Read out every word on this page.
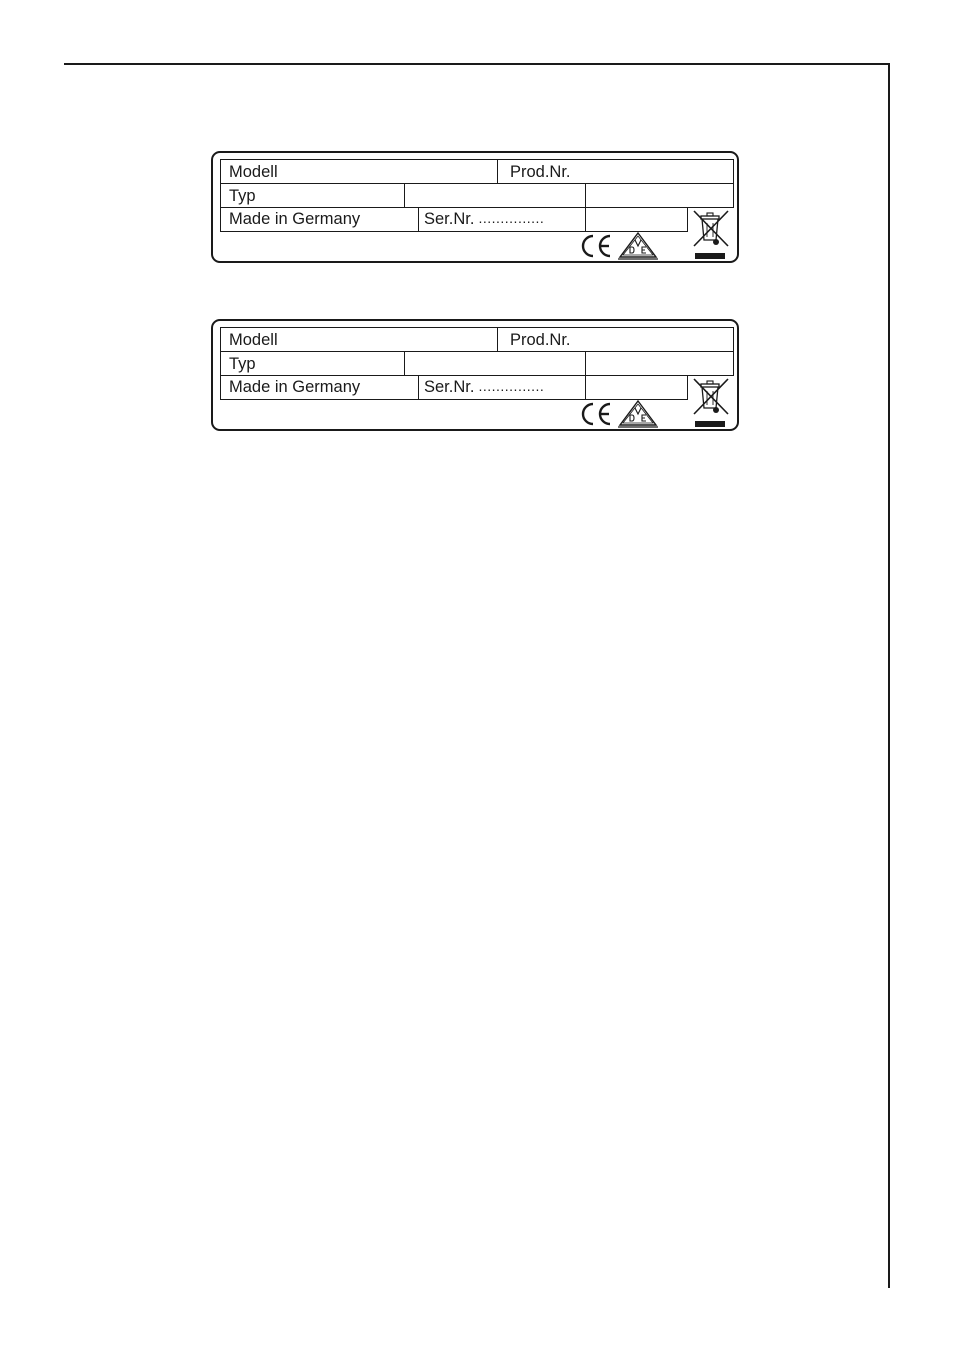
Modell	Prod.Nr.
Typ
Made in Germany	Ser.Nr. ...............
Modell	Prod.Nr.
Typ
Made in Germany	Ser.Nr. ...............
